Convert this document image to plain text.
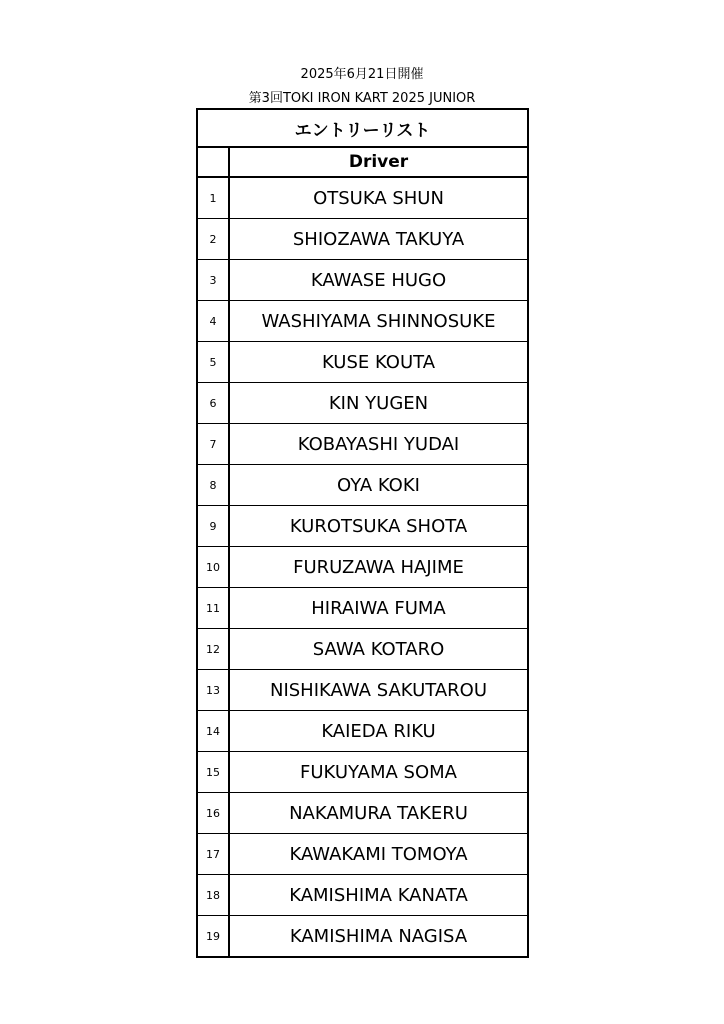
2025年6月21日開催
第3回TOKI IRON KART 2025 JUNIOR
エントリーリスト	
	Driver
1	OTSUKA SHUN
2	SHIOZAWA TAKUYA
3	KAWASE HUGO
4	WASHIYAMA SHINNOSUKE
5	KUSE KOUTA
6	KIN YUGEN
7	KOBAYASHI YUDAI
8	OYA KOKI
9	KUROTSUKA SHOTA
10	FURUZAWA HAJIME
11	HIRAIWA FUMA
12	SAWA KOTARO
13	NISHIKAWA SAKUTAROU
14	KAIEDA RIKU
15	FUKUYAMA SOMA
16	NAKAMURA TAKERU
17	KAWAKAMI TOMOYA
18	KAMISHIMA KANATA
19	KAMISHIMA NAGISA
